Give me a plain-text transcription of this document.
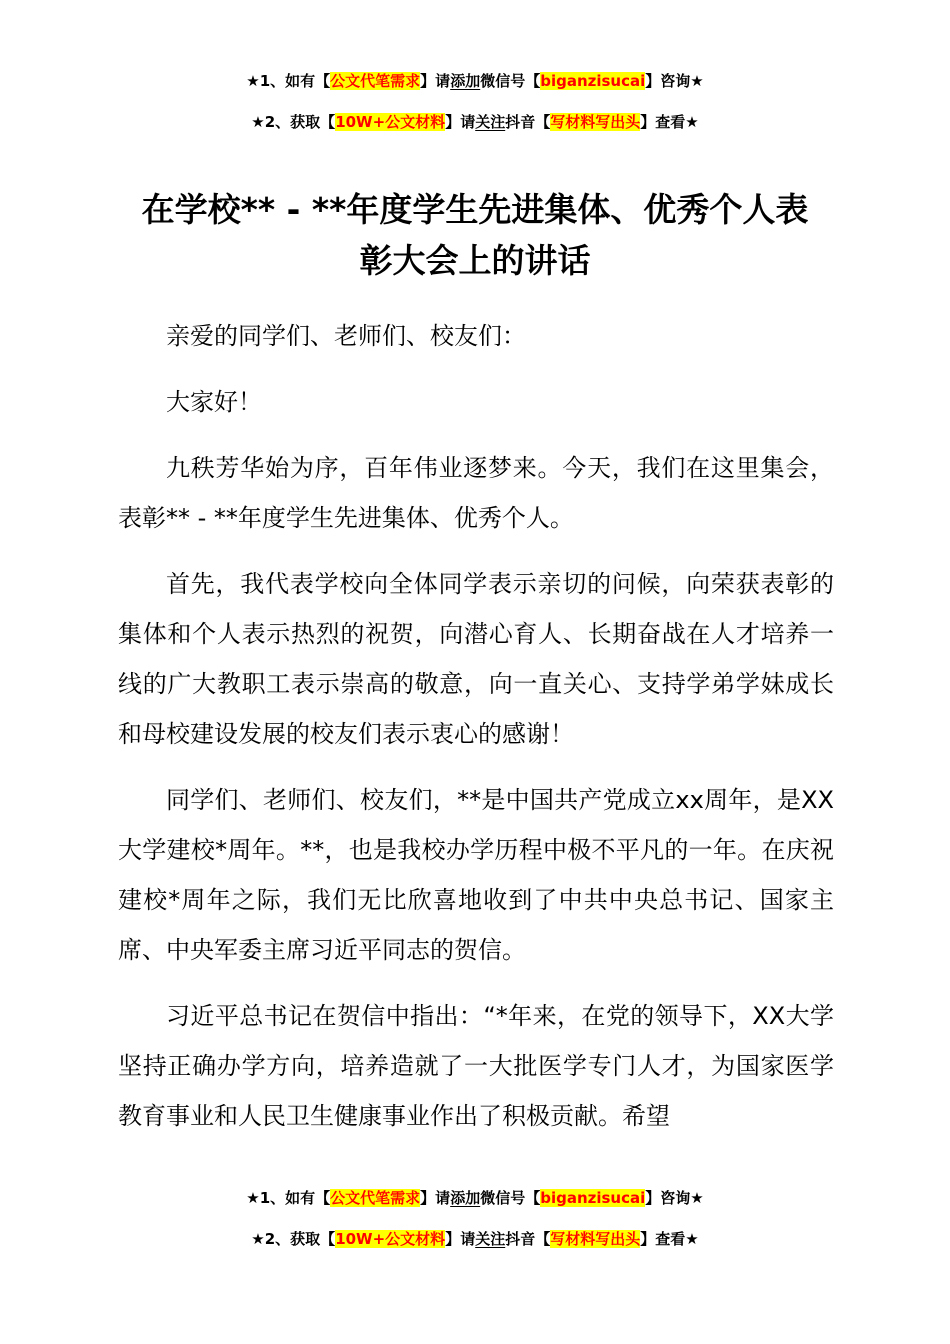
★1、如有【公文代笔需求】请添加微信号【biganzisucai】咨询★
★2、获取【10W+公文材料】请关注抖音【写材料写出头】查看★
在学校** - **年度学生先进集体、优秀个人表
彰大会上的讲话

亲爱的同学们、老师们、校友们：

大家好！

九秩芳华始为序，百年伟业逐梦来。今天，我们在这里集会，表彰** - **年度学生先进集体、优秀个人。

首先，我代表学校向全体同学表示亲切的问候，向荣获表彰的集体和个人表示热烈的祝贺，向潜心育人、长期奋战在人才培养一线的广大教职工表示崇高的敬意，向一直关心、支持学弟学妹成长和母校建设发展的校友们表示衷心的感谢！

同学们、老师们、校友们，**是中国共产党成立xx周年，是XX大学建校*周年。**，也是我校办学历程中极不平凡的一年。在庆祝建校*周年之际，我们无比欣喜地收到了中共中央总书记、国家主席、中央军委主席习近平同志的贺信。

习近平总书记在贺信中指出：“*年来，在党的领导下，XX大学坚持正确办学方向，培养造就了一大批医学专门人才，为国家医学教育事业和人民卫生健康事业作出了积极贡献。希望

★1、如有【公文代笔需求】请添加微信号【biganzisucai】咨询★
★2、获取【10W+公文材料】请关注抖音【写材料写出头】查看★
